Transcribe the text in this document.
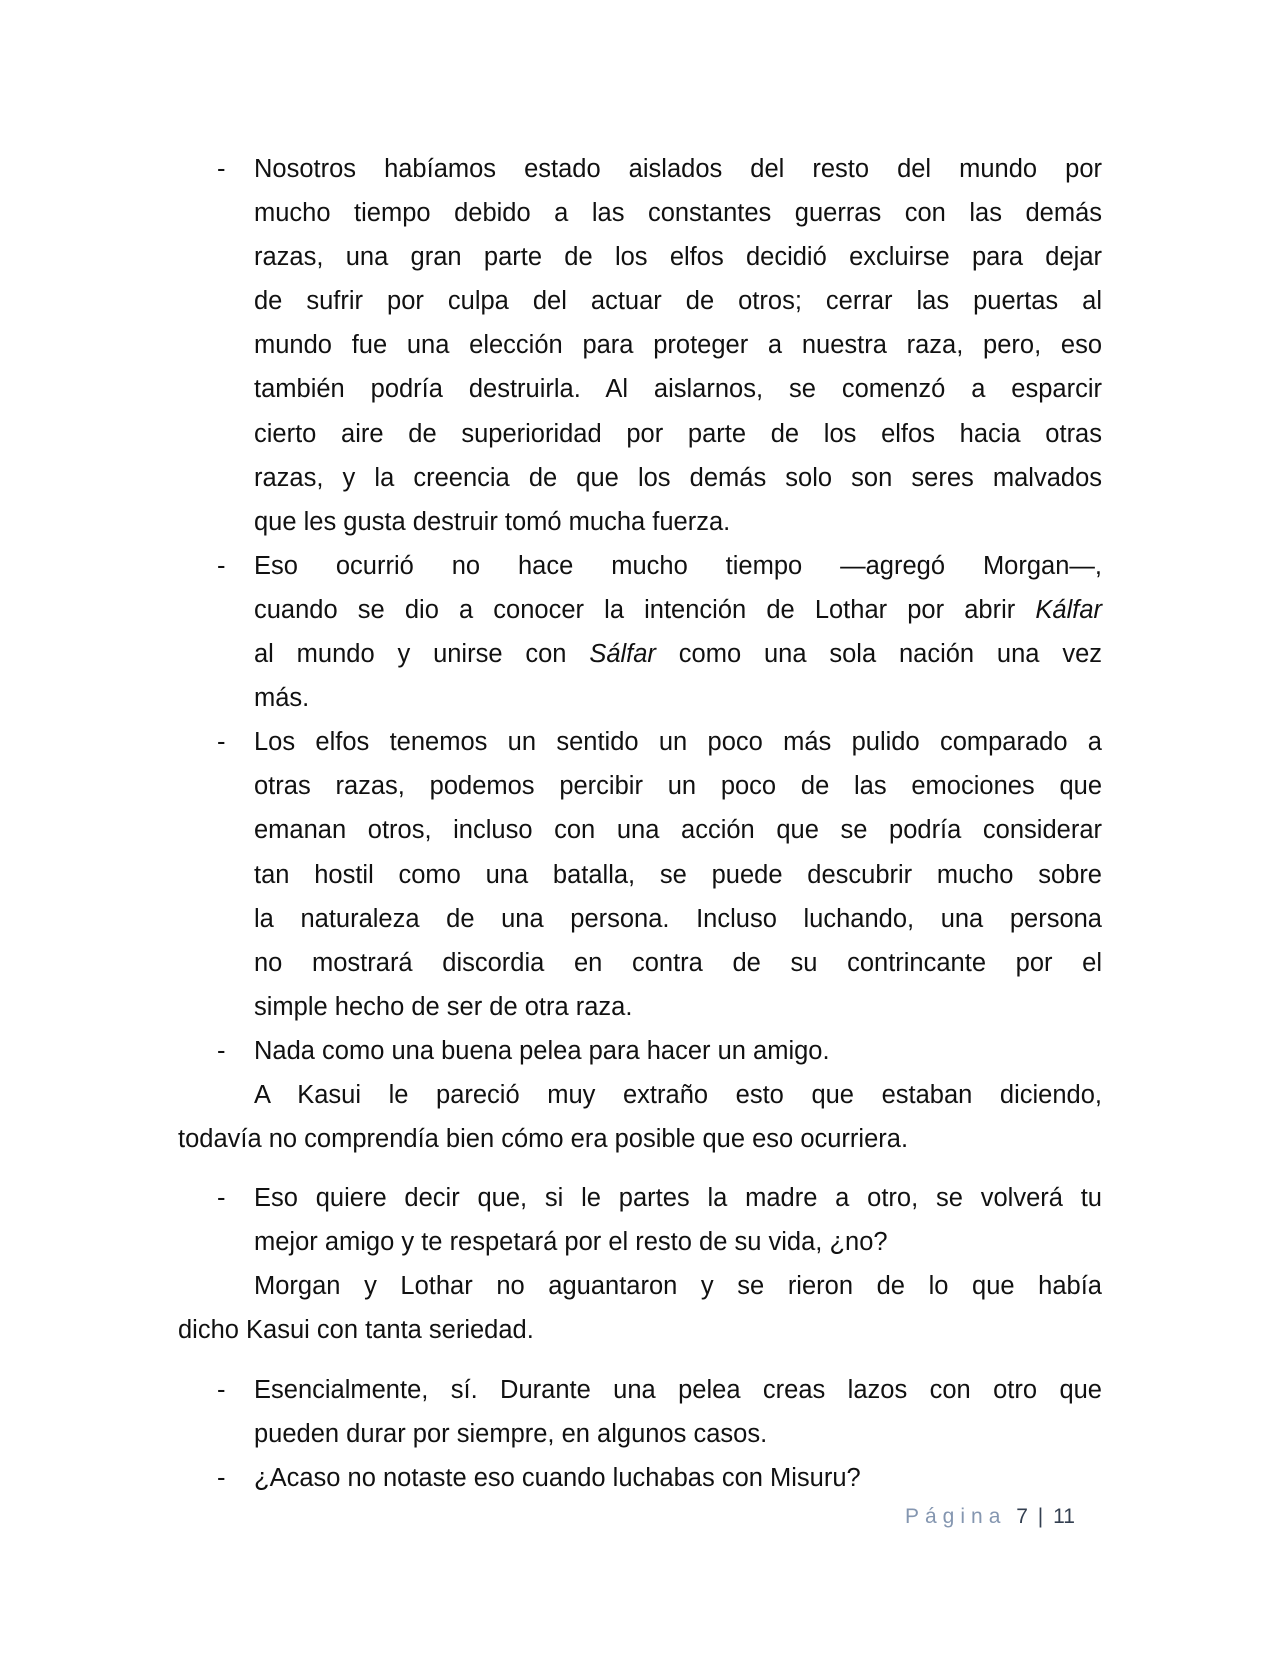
- Nosotros habíamos estado aislados del resto del mundo por
mucho tiempo debido a las constantes guerras con las demás
razas, una gran parte de los elfos decidió excluirse para dejar
de sufrir por culpa del actuar de otros; cerrar las puertas al
mundo fue una elección para proteger a nuestra raza, pero, eso
también podría destruirla. Al aislarnos, se comenzó a esparcir
cierto aire de superioridad por parte de los elfos hacia otras
razas, y la creencia de que los demás solo son seres malvados
que les gusta destruir tomó mucha fuerza.
- Eso ocurrió no hace mucho tiempo —agregó Morgan—,
cuando se dio a conocer la intención de Lothar por abrir Kálfar
al mundo y unirse con Sálfar como una sola nación una vez
más.
- Los elfos tenemos un sentido un poco más pulido comparado a
otras razas, podemos percibir un poco de las emociones que
emanan otros, incluso con una acción que se podría considerar
tan hostil como una batalla, se puede descubrir mucho sobre
la naturaleza de una persona. Incluso luchando, una persona
no mostrará discordia en contra de su contrincante por el
simple hecho de ser de otra raza.
- Nada como una buena pelea para hacer un amigo.
A Kasui le pareció muy extraño esto que estaban diciendo,
todavía no comprendía bien cómo era posible que eso ocurriera.
- Eso quiere decir que, si le partes la madre a otro, se volverá tu
mejor amigo y te respetará por el resto de su vida, ¿no?
Morgan y Lothar no aguantaron y se rieron de lo que había
dicho Kasui con tanta seriedad.
- Esencialmente, sí. Durante una pelea creas lazos con otro que
pueden durar por siempre, en algunos casos.
- ¿Acaso no notaste eso cuando luchabas con Misuru?
Página 7 | 11
